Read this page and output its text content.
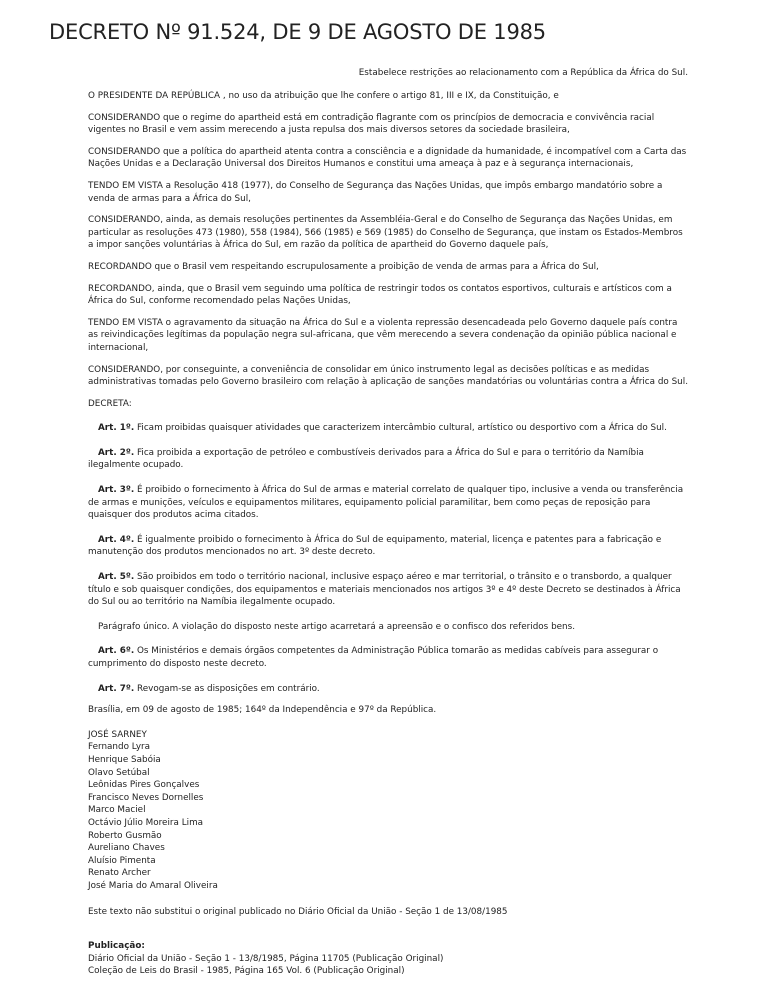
DECRETO Nº 91.524, DE 9 DE AGOSTO DE 1985
Estabelece restrições ao relacionamento com a República da África do Sul.

O PRESIDENTE DA REPÚBLICA , no uso da atribuição que lhe confere o artigo 81, III e IX, da Constituição, e

CONSIDERANDO que o regime do apartheid está em contradição flagrante com os princípios de democracia e convivência racial vigentes no Brasil e vem assim merecendo a justa repulsa dos mais diversos setores da sociedade brasileira,

CONSIDERANDO que a política do apartheid atenta contra a consciência e a dignidade da humanidade, é incompatível com a Carta das Nações Unidas e a Declaração Universal dos Direitos Humanos e constitui uma ameaça à paz e à segurança internacionais,

TENDO EM VISTA a Resolução 418 (1977), do Conselho de Segurança das Nações Unidas, que impôs embargo mandatório sobre a venda de armas para a África do Sul,

CONSIDERANDO, ainda, as demais resoluções pertinentes da Assembléia-Geral e do Conselho de Segurança das Nações Unidas, em particular as resoluções 473 (1980), 558 (1984), 566 (1985) e 569 (1985) do Conselho de Segurança, que instam os Estados-Membros a impor sanções voluntárias à África do Sul, em razão da política de apartheid do Governo daquele país,

RECORDANDO que o Brasil vem respeitando escrupulosamente a proibição de venda de armas para a África do Sul,

RECORDANDO, ainda, que o Brasil vem seguindo uma política de restringir todos os contatos esportivos, culturais e artísticos com a África do Sul, conforme recomendado pelas Nações Unidas,

TENDO EM VISTA o agravamento da situação na África do Sul e a violenta repressão desencadeada pelo Governo daquele país contra as reivindicações legítimas da população negra sul-africana, que vêm merecendo a severa condenação da opinião pública nacional e internacional,

CONSIDERANDO, por conseguinte, a conveniência de consolidar em único instrumento legal as decisões políticas e as medidas administrativas tomadas pelo Governo brasileiro com relação à aplicação de sanções mandatórias ou voluntárias contra a África do Sul.

DECRETA:

Art. 1º. Ficam proibidas quaisquer atividades que caracterizem intercâmbio cultural, artístico ou desportivo com a África do Sul.

Art. 2º. Fica proibida a exportação de petróleo e combustíveis derivados para a África do Sul e para o território da Namíbia ilegalmente ocupado.

Art. 3º. É proibido o fornecimento à África do Sul de armas e material correlato de qualquer tipo, inclusive a venda ou transferência de armas e munições, veículos e equipamentos militares, equipamento policial paramilitar, bem como peças de reposição para quaisquer dos produtos acima citados.

Art. 4º. É igualmente proibido o fornecimento à África do Sul de equipamento, material, licença e patentes para a fabricação e manutenção dos produtos mencionados no art. 3º deste decreto.

Art. 5º. São proibidos em todo o território nacional, inclusive espaço aéreo e mar territorial, o trânsito e o transbordo, a qualquer título e sob quaisquer condições, dos equipamentos e materiais mencionados nos artigos 3º e 4º deste Decreto se destinados à África do Sul ou ao território na Namíbia ilegalmente ocupado.

Parágrafo único. A violação do disposto neste artigo acarretará a apreensão e o confisco dos referidos bens.

Art. 6º. Os Ministérios e demais órgãos competentes da Administração Pública tomarão as medidas cabíveis para assegurar o cumprimento do disposto neste decreto.

Art. 7º. Revogam-se as disposições em contrário.

Brasília, em 09 de agosto de 1985; 164º da Independência e 97º da República.

JOSÉ SARNEY

Fernando Lyra

Henrique Sabóia

Olavo Setúbal

Leônidas Pires Gonçalves

Francisco Neves Dornelles

Marco Maciel

Octávio Júlio Moreira Lima

Roberto Gusmão

Aureliano Chaves

Aluísio Pimenta

Renato Archer

José Maria do Amaral Oliveira

Este texto não substitui o original publicado no Diário Oficial da União - Seção 1 de 13/08/1985

Publicação:

Diário Oficial da União - Seção 1 - 13/8/1985, Página 11705 (Publicação Original)

Coleção de Leis do Brasil - 1985, Página 165 Vol. 6 (Publicação Original)
